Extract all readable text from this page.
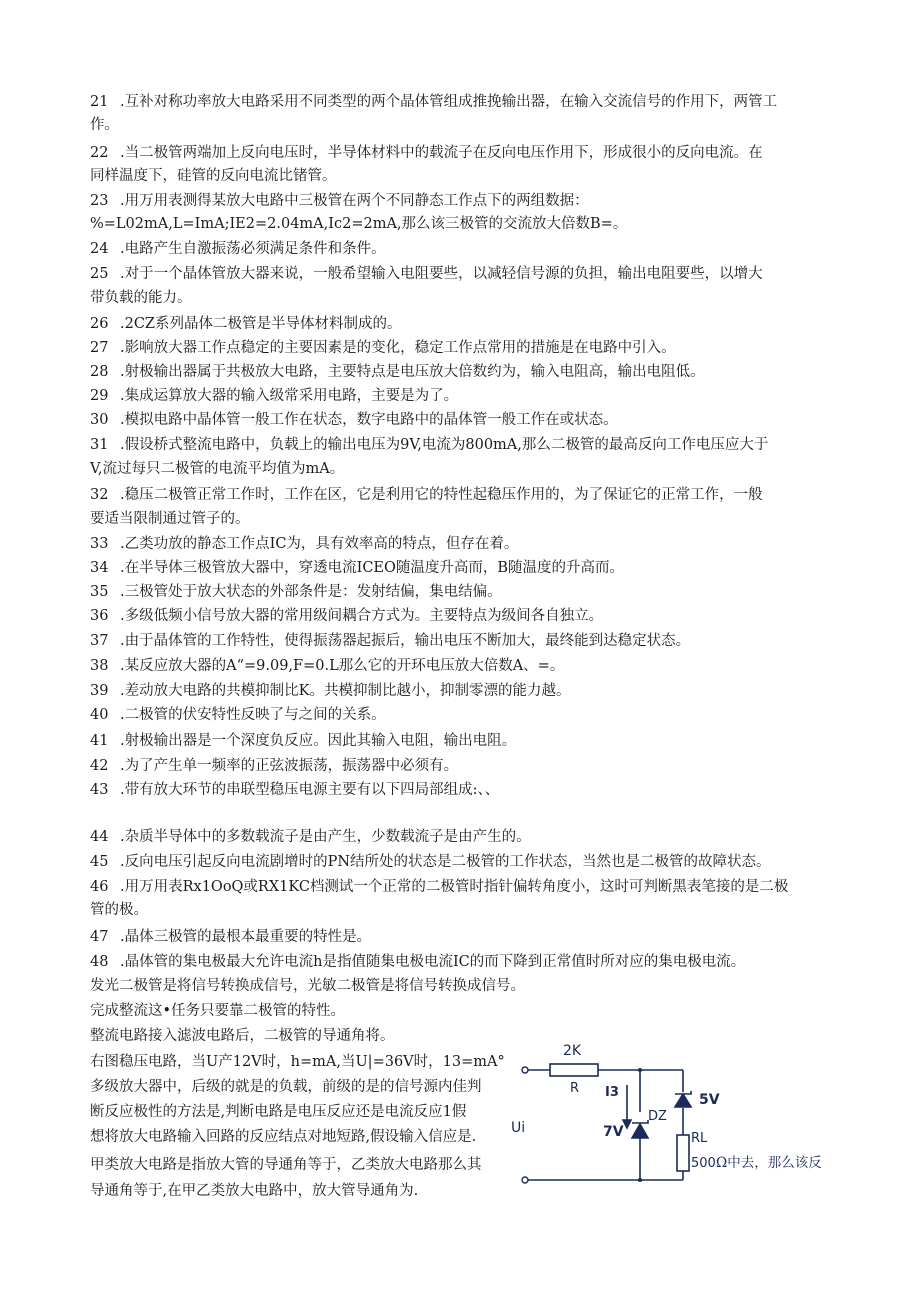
21 .互补对称功率放大电路采用不同类型的两个晶体管组成推挽输出器，在输入交流信号的作用下，两管工

作。

22 .当二极管两端加上反向电压时，半导体材料中的载流子在反向电压作用下，形成很小的反向电流。在

同样温度下，硅管的反向电流比锗管。

23 .用万用表测得某放大电路中三极管在两个不同静态工作点下的两组数据：

%=L02mA,L=ImA;IE2=2.04mA,Ic2=2mA,那么该三极管的交流放大倍数B=。

24 .电路产生自激振荡必须满足条件和条件。

25 .对于一个晶体管放大器来说，一般希望输入电阻要些，以减轻信号源的负担，输出电阻要些，以增大

带负载的能力。

26 .2CZ系列晶体二极管是半导体材料制成的。

27 .影响放大器工作点稳定的主要因素是的变化，稳定工作点常用的措施是在电路中引入。

28 .射极输出器属于共极放大电路，主要特点是电压放大倍数约为，输入电阻高，输出电阻低。

29 .集成运算放大器的输入级常采用电路，主要是为了。

30 .模拟电路中晶体管一般工作在状态，数字电路中的晶体管一般工作在或状态。

31 .假设桥式整流电路中，负载上的输出电压为9V,电流为800mA,那么二极管的最高反向工作电压应大于

V,流过每只二极管的电流平均值为mA。

32 .稳压二极管正常工作时，工作在区，它是利用它的特性起稳压作用的，为了保证它的正常工作，一般

要适当限制通过管子的。

33 .乙类功放的静态工作点IC为，具有效率高的特点，但存在着。

34 .在半导体三极管放大器中，穿透电流ICEO随温度升高而，B随温度的升高而。

35 .三极管处于放大状态的外部条件是：发射结偏，集电结偏。

36 .多级低频小信号放大器的常用级间耦合方式为。主要特点为级间各自独立。

37 .由于晶体管的工作特性，使得振荡器起振后，输出电压不断加大，最终能到达稳定状态。

38 .某反应放大器的A“=9.09,F=0.L那么它的开环电压放大倍数A、=。

39 .差动放大电路的共模抑制比K。共模抑制比越小，抑制零漂的能力越。

40 .二极管的伏安特性反映了与之间的关系。

41 .射极输出器是一个深度负反应。因此其输入电阻，输出电阻。

42 .为了产生单一频率的正弦波振荡，振荡器中必须有。

43 .带有放大环节的串联型稳压电源主要有以下四局部组成:、、

44 .杂质半导体中的多数载流子是由产生，少数载流子是由产生的。

45 .反向电压引起反向电流剧增时的PN结所处的状态是二极管的工作状态，当然也是二极管的故障状态。

46 .用万用表Rx1OoQ或RX1KC档测试一个正常的二极管时指针偏转角度小，这时可判断黑表笔接的是二极

管的极。

47 .晶体三极管的最根本最重要的特性是。

48 .晶体管的集电极最大允许电流h是指值随集电极电流IC的而下降到正常值时所对应的集电极电流。

发光二极管是将信号转换成信号，光敏二极管是将信号转换成信号。

完成整流这•任务只要靠二极管的特性。

整流电路接入滤波电路后，二极管的导通角将。

右图稳压电路，当U产12V时，h=mA,当U|=36V时，13=mA°

多级放大器中，后级的就是的负载，前级的是的信号源内佳判

断反应极性的方法是,判断电路是电压反应还是电流反应1假

想将放大电路输入回路的反应结点对地短路,假设输入信应是.

甲类放大电路是指放大管的导通角等于，乙类放大电路那么其

导通角等于,在甲乙类放大电路中，放大管导通角为.

2K
R I3
DZ
7V
5V
RL
500 Ω中去，那么该反
Ui
